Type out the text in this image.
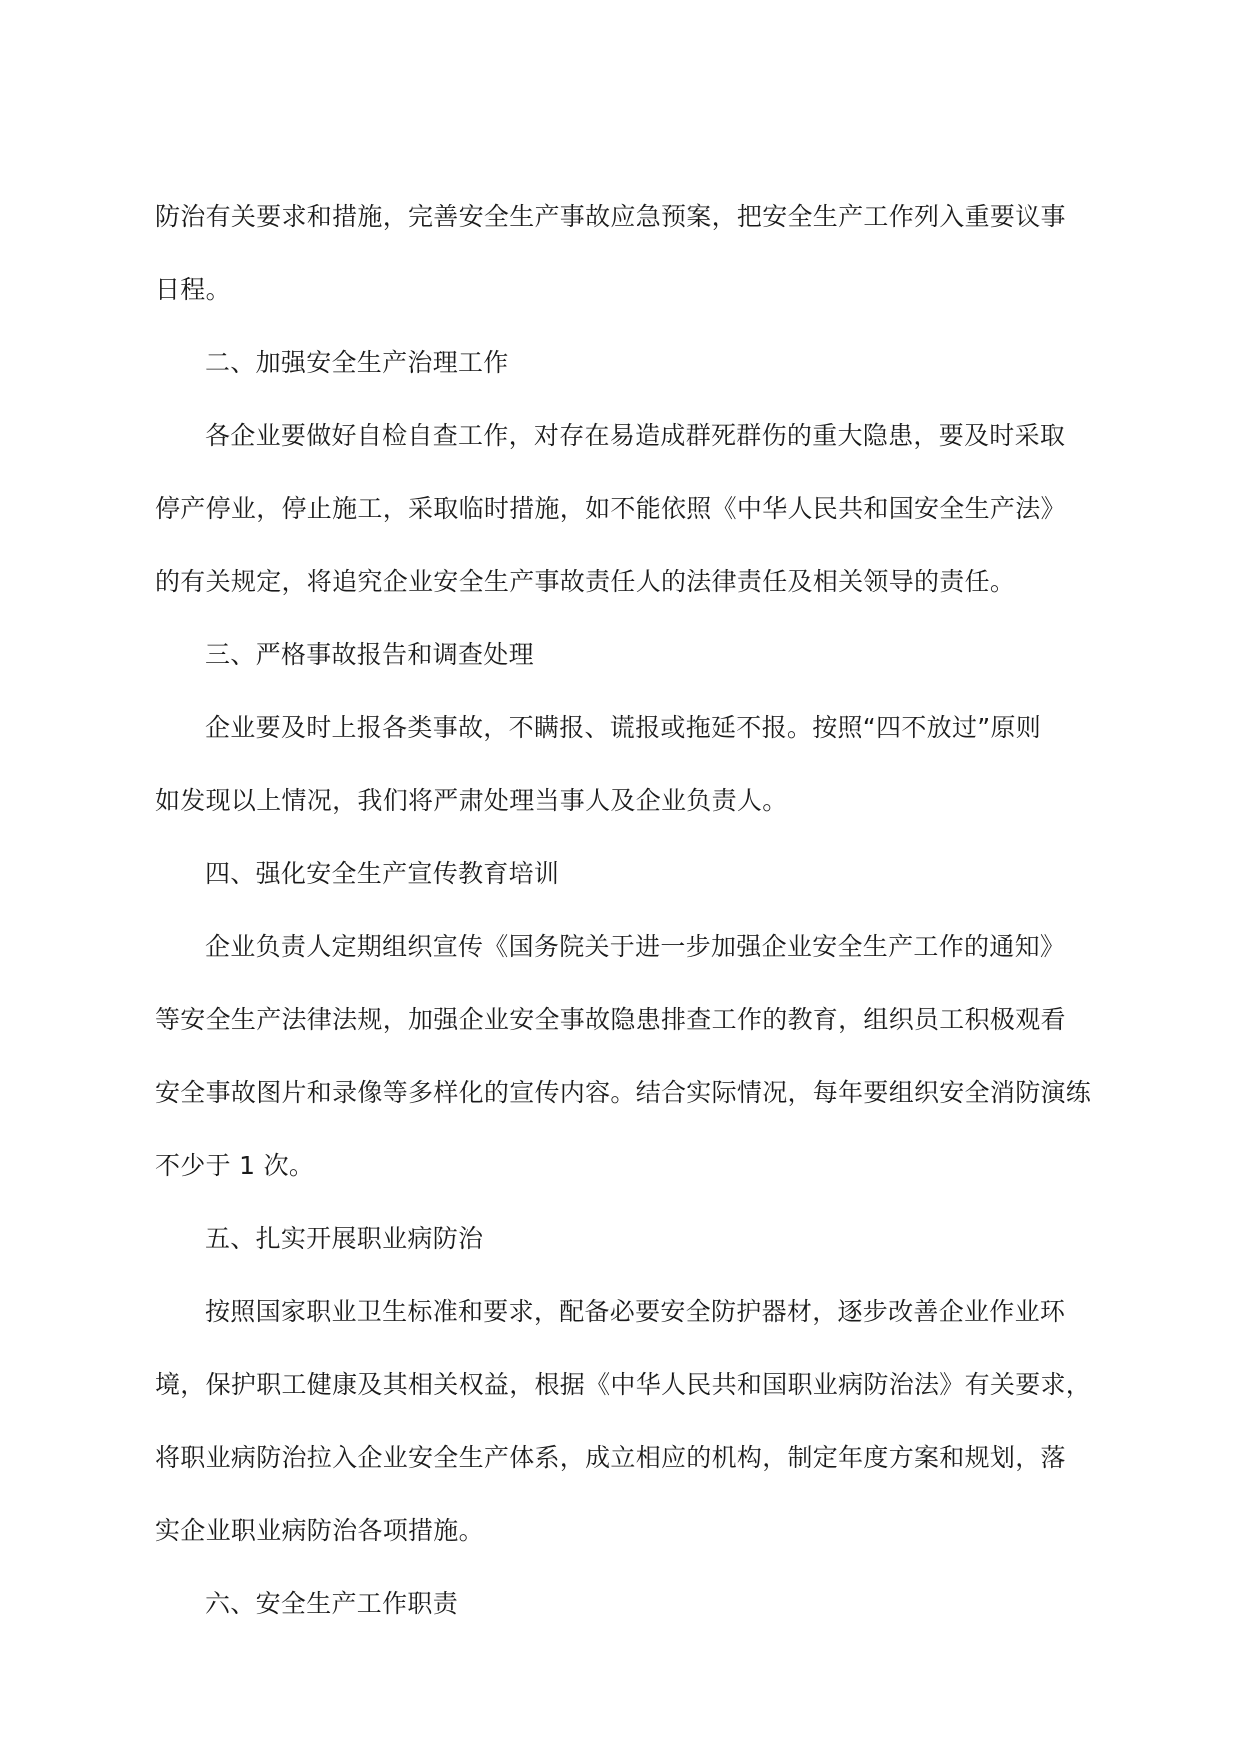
防治有关要求和措施，完善安全生产事故应急预案，把安全生产工作列入重要议事
日程。
二、加强安全生产治理工作
各企业要做好自检自查工作，对存在易造成群死群伤的重大隐患，要及时采取
停产停业，停止施工，采取临时措施，如不能依照《中华人民共和国安全生产法》
的有关规定，将追究企业安全生产事故责任人的法律责任及相关领导的责任。
三、严格事故报告和调查处理
企业要及时上报各类事故，不瞒报、谎报或拖延不报。按照“四不放过”原则
如发现以上情况，我们将严肃处理当事人及企业负责人。
四、强化安全生产宣传教育培训
企业负责人定期组织宣传《国务院关于进一步加强企业安全生产工作的通知》
等安全生产法律法规，加强企业安全事故隐患排查工作的教育，组织员工积极观看
安全事故图片和录像等多样化的宣传内容。结合实际情况，每年要组织安全消防演练
不少于 1 次。
五、扎实开展职业病防治
按照国家职业卫生标准和要求，配备必要安全防护器材，逐步改善企业作业环
境，保护职工健康及其相关权益，根据《中华人民共和国职业病防治法》有关要求，
将职业病防治拉入企业安全生产体系，成立相应的机构，制定年度方案和规划，落
实企业职业病防治各项措施。
六、安全生产工作职责
